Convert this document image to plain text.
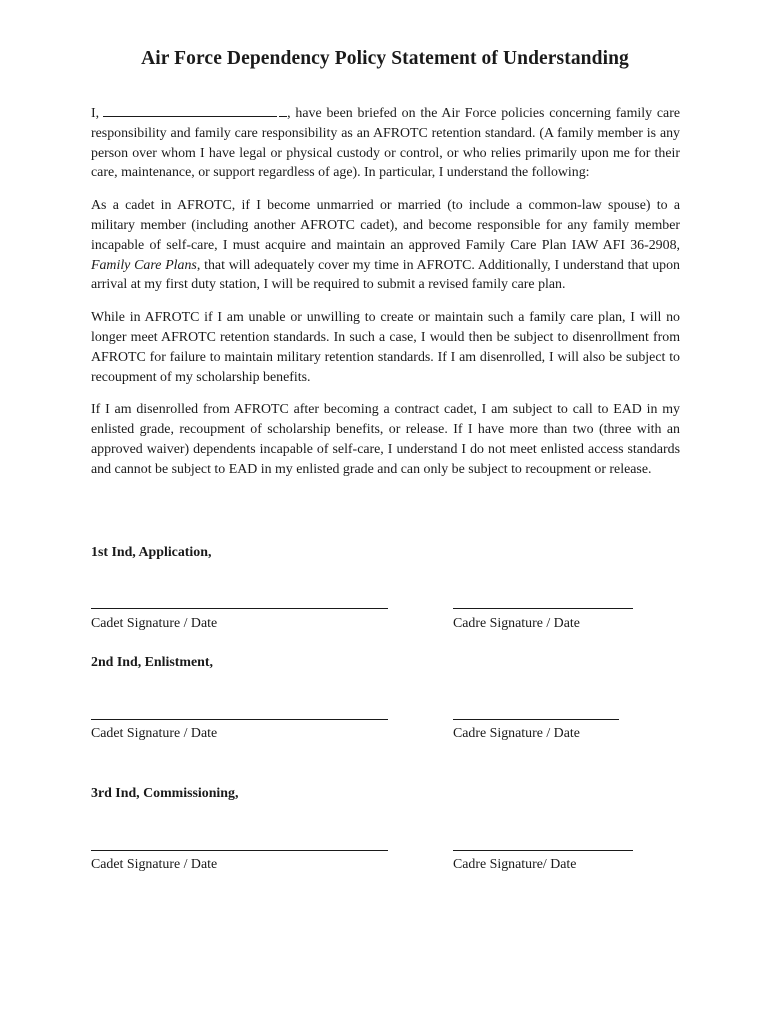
Air Force Dependency Policy Statement of Understanding

I,	, have been briefed on the Air Force policies concerning family care responsibility and family care responsibility as an AFROTC retention standard. (A family member is any person over whom I have legal or physical custody or control, or who relies primarily upon me for their care, maintenance, or support regardless of age). In particular, I understand the following:

As a cadet in AFROTC, if I become unmarried or married (to include a common-law spouse) to a military member (including another AFROTC cadet), and become responsible for any family member incapable of self-care, I must acquire and maintain an approved Family Care Plan IAW AFI 36-2908, Family Care Plans, that will adequately cover my time in AFROTC. Additionally, I understand that upon arrival at my first duty station, I will be required to submit a revised family care plan.

While in AFROTC if I am unable or unwilling to create or maintain such a family care plan, I will no longer meet AFROTC retention standards. In such a case, I would then be subject to disenrollment from AFROTC for failure to maintain military retention standards. If I am disenrolled, I will also be subject to recoupment of my scholarship benefits.

If I am disenrolled from AFROTC after becoming a contract cadet, I am subject to call to EAD in my enlisted grade, recoupment of scholarship benefits, or release. If I have more than two (three with an approved waiver) dependents incapable of self-care, I understand I do not meet enlisted access standards and cannot be subject to EAD in my enlisted grade and can only be subject to recoupment or release.

1st Ind, Application,

Cadet Signature / Date	Cadre Signature / Date

2nd Ind, Enlistment,

Cadet Signature / Date	Cadre Signature / Date

3rd Ind, Commissioning,

Cadet Signature / Date	Cadre Signature/ Date
